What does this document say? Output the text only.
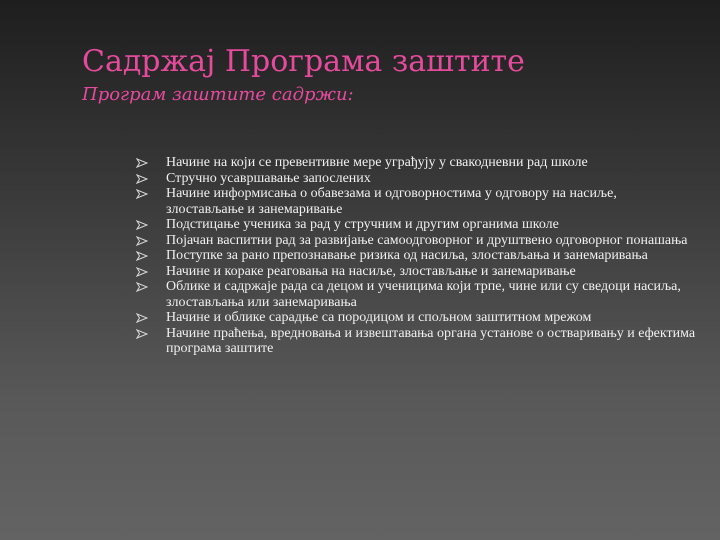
Садржај Програма заштите
Програм заштите садржи:
Начине на који се превентивне мере уграђују у свакодневни рад школе
Стручно усавршавање запослених
Начине информисања о обавезама и одговорностима у одговору на насиље, злостављање и занемаривање
Подстицање ученика за рад у стручним и другим органима школе
Појачан васпитни рад за развијање самоодговорног и друштвено одговорног понашања
Поступке за рано препознавање ризика од насиља, злостављања и занемаривања
Начине и кораке реаговања на насиље, злостављање и занемаривање
Облике и садржаје рада са децом и ученицима који трпе, чине или су сведоци насиља, злостављања или занемаривања
Начине и облике сарадње са породицом и спољном заштитном мрежом
Начине праћења, вредновања и извештавања органа установе о остваривању и ефектима програма заштите
